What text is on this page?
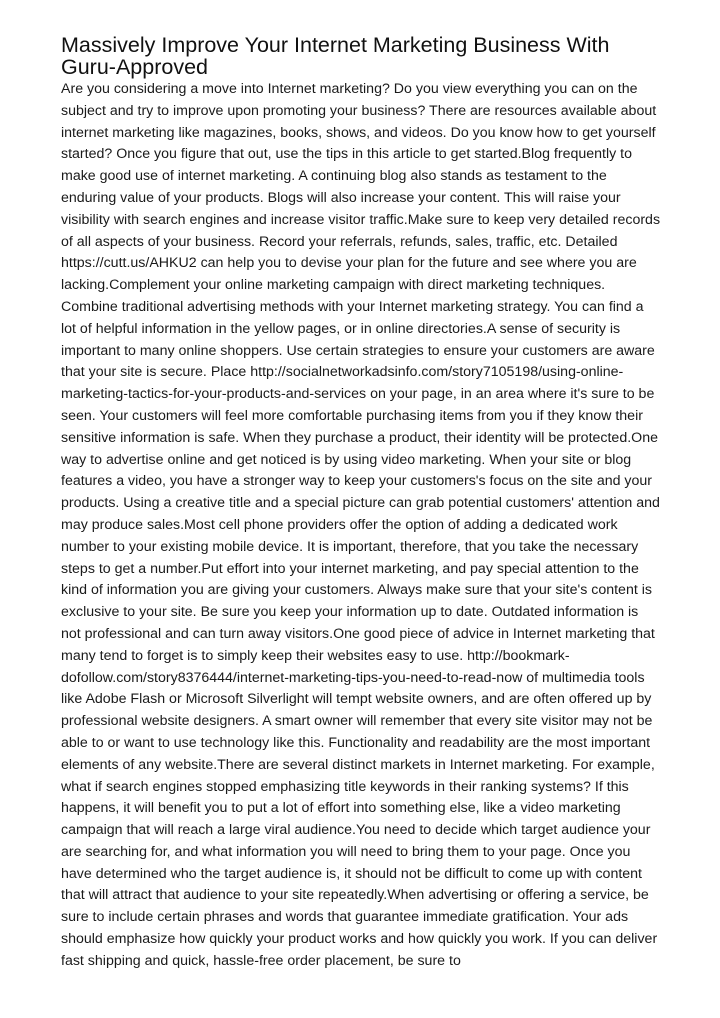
Massively Improve Your Internet Marketing Business With Guru-Approved

Are you considering a move into Internet marketing? Do you view everything you can on the subject and try to improve upon promoting your business? There are resources available about internet marketing like magazines, books, shows, and videos. Do you know how to get yourself started? Once you figure that out, use the tips in this article to get started.Blog frequently to make good use of internet marketing. A continuing blog also stands as testament to the enduring value of your products. Blogs will also increase your content. This will raise your visibility with search engines and increase visitor traffic.Make sure to keep very detailed records of all aspects of your business. Record your referrals, refunds, sales, traffic, etc. Detailed https://cutt.us/AHKU2 can help you to devise your plan for the future and see where you are lacking.Complement your online marketing campaign with direct marketing techniques. Combine traditional advertising methods with your Internet marketing strategy. You can find a lot of helpful information in the yellow pages, or in online directories.A sense of security is important to many online shoppers. Use certain strategies to ensure your customers are aware that your site is secure. Place http://socialnetworkadsinfo.com/story7105198/using-online-marketing-tactics-for-your-products-and-services on your page, in an area where it's sure to be seen. Your customers will feel more comfortable purchasing items from you if they know their sensitive information is safe. When they purchase a product, their identity will be protected.One way to advertise online and get noticed is by using video marketing. When your site or blog features a video, you have a stronger way to keep your customers's focus on the site and your products. Using a creative title and a special picture can grab potential customers' attention and may produce sales.Most cell phone providers offer the option of adding a dedicated work number to your existing mobile device. It is important, therefore, that you take the necessary steps to get a number.Put effort into your internet marketing, and pay special attention to the kind of information you are giving your customers. Always make sure that your site's content is exclusive to your site. Be sure you keep your information up to date. Outdated information is not professional and can turn away visitors.One good piece of advice in Internet marketing that many tend to forget is to simply keep their websites easy to use. http://bookmark-dofollow.com/story8376444/internet-marketing-tips-you-need-to-read-now of multimedia tools like Adobe Flash or Microsoft Silverlight will tempt website owners, and are often offered up by professional website designers. A smart owner will remember that every site visitor may not be able to or want to use technology like this. Functionality and readability are the most important elements of any website.There are several distinct markets in Internet marketing. For example, what if search engines stopped emphasizing title keywords in their ranking systems? If this happens, it will benefit you to put a lot of effort into something else, like a video marketing campaign that will reach a large viral audience.You need to decide which target audience your are searching for, and what information you will need to bring them to your page. Once you have determined who the target audience is, it should not be difficult to come up with content that will attract that audience to your site repeatedly.When advertising or offering a service, be sure to include certain phrases and words that guarantee immediate gratification. Your ads should emphasize how quickly your product works and how quickly you work. If you can deliver fast shipping and quick, hassle-free order placement, be sure to
